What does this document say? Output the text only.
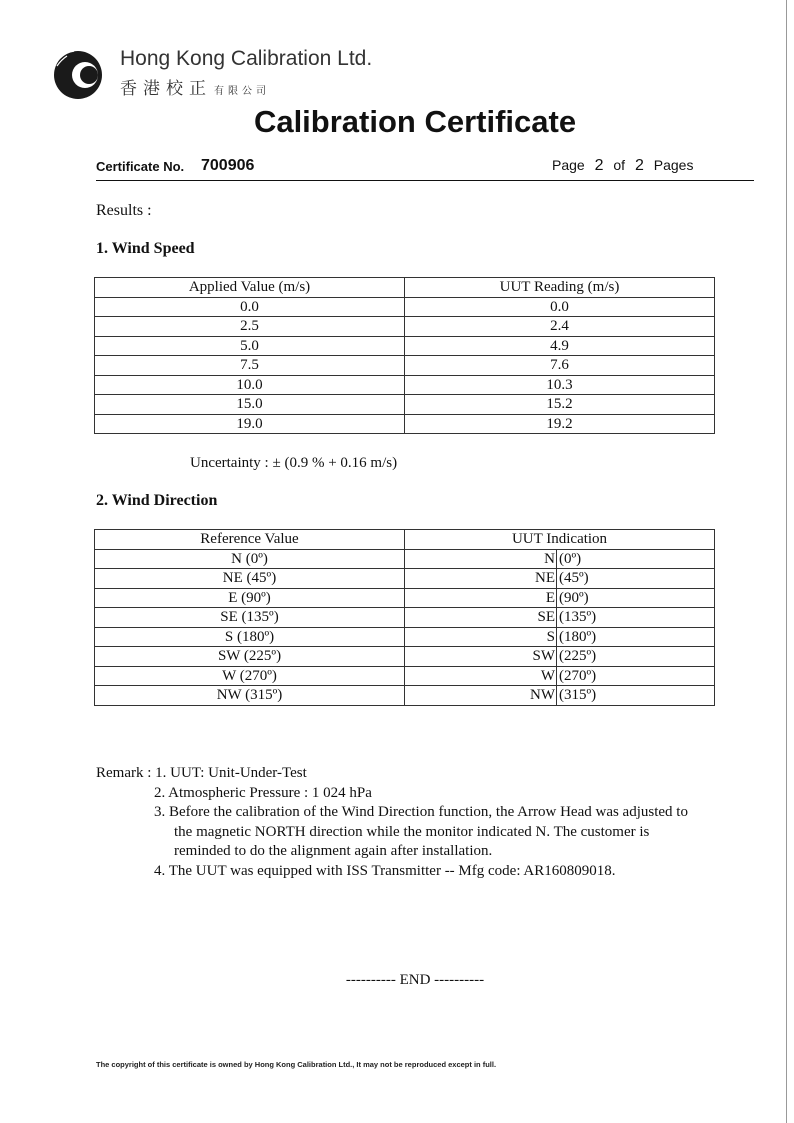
Hong Kong Calibration Ltd.
香港校正 有限公司
Calibration Certificate
Certificate No. 700906	Page 2 of 2 Pages
Results :
1. Wind Speed
Applied Value (m/s)	UUT Reading (m/s)
0.0	0.0
2.5	2.4
5.0	4.9
7.5	7.6
10.0	10.3
15.0	15.2
19.0	19.2
Uncertainty : ± (0.9 % + 0.16 m/s)
2. Wind Direction
Reference Value	UUT Indication
N (0º)	N (0º)

NE (45º)	NE (45º)

E (90º)	E (90º)

SE (135º)	SE (135º)

S (180º)	S (180º)

SW (225º)	SW (225º)

W (270º)	W (270º)

NW (315º)	NW (315º)
Remark : 1. UUT: Unit-Under-Test
2. Atmospheric Pressure : 1 024 hPa
3. Before the calibration of the Wind Direction function, the Arrow Head was adjusted to
the magnetic NORTH direction while the monitor indicated N. The customer is
reminded to do the alignment again after installation.
4. The UUT was equipped with ISS Transmitter -- Mfg code: AR160809018.
---------- END ----------
The copyright of this certificate is owned by Hong Kong Calibration Ltd., It may not be reproduced except in full.
